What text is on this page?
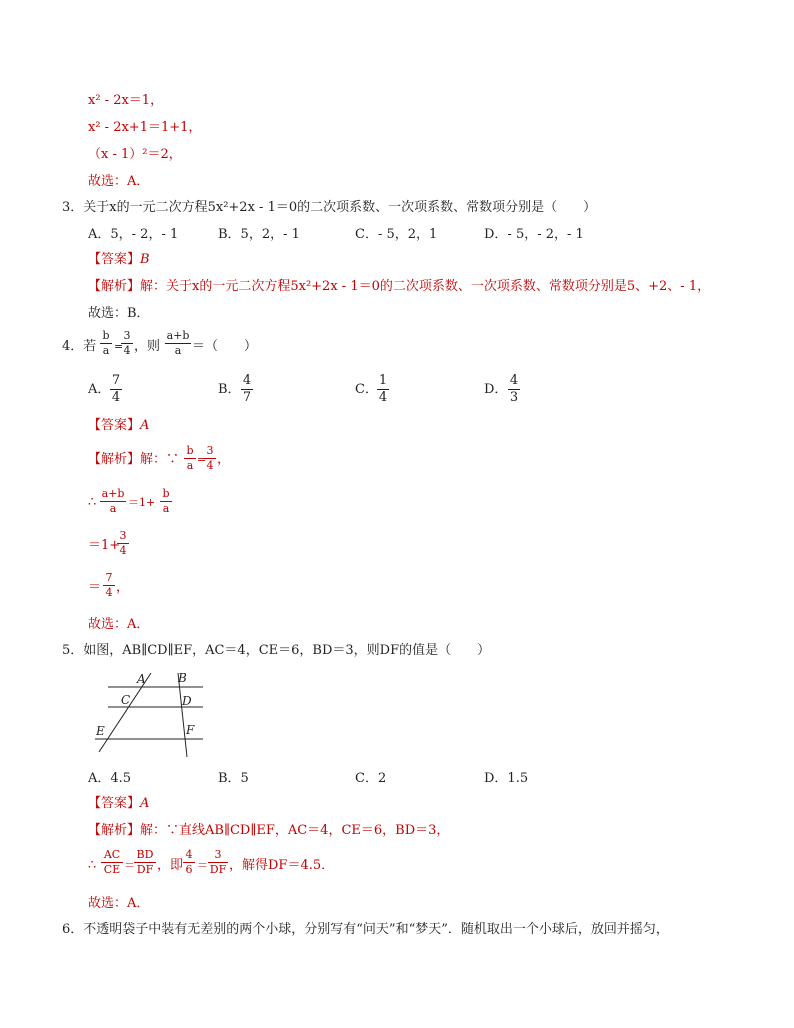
x² - 2x＝1，
x² - 2x+1＝1+1，
（x - 1）²＝2，
故选：A．
3．关于x的一元二次方程5x²+2x - 1＝0的二次项系数、一次项系数、常数项分别是（　　）
A．5，- 2，- 1	B．5，2，- 1	C．- 5，2，1	D．- 5，- 2，- 1
【答案】B
【解析】解：关于x的一元二次方程5x²+2x - 1＝0的二次项系数、一次项系数、常数项分别是5、+2、- 1，
故选：B．
4．若
b
a =
3
4 ，则
a+b
a ＝（　　）
A．
7
4
B．
4
7
C．
1
4
D．
4
3
【答案】A
【解析】解：∵
b
a =
3
4 ，
∴
a+b
a	＝1+
b
a
＝1+
3
4
＝
7
4 ，
故选：A．
5．如图，AB∥CD∥EF，AC＝4，CE＝6，BD＝3，则DF的值是（　　）
A	B
C	D
E	F
A．4.5	B．5	C．2	D．1.5
【答案】A
【解析】解：∵直线AB∥CD∥EF，AC＝4，CE＝6，BD＝3，
∴
AC
CE ＝
BD
DF ，即
4
6 ＝
3
DF ，解得DF＝4.5．
故选：A．
6．不透明袋子中装有无差别的两个小球，分别写有“问天”和“梦天”．随机取出一个小球后，放回并摇匀，
